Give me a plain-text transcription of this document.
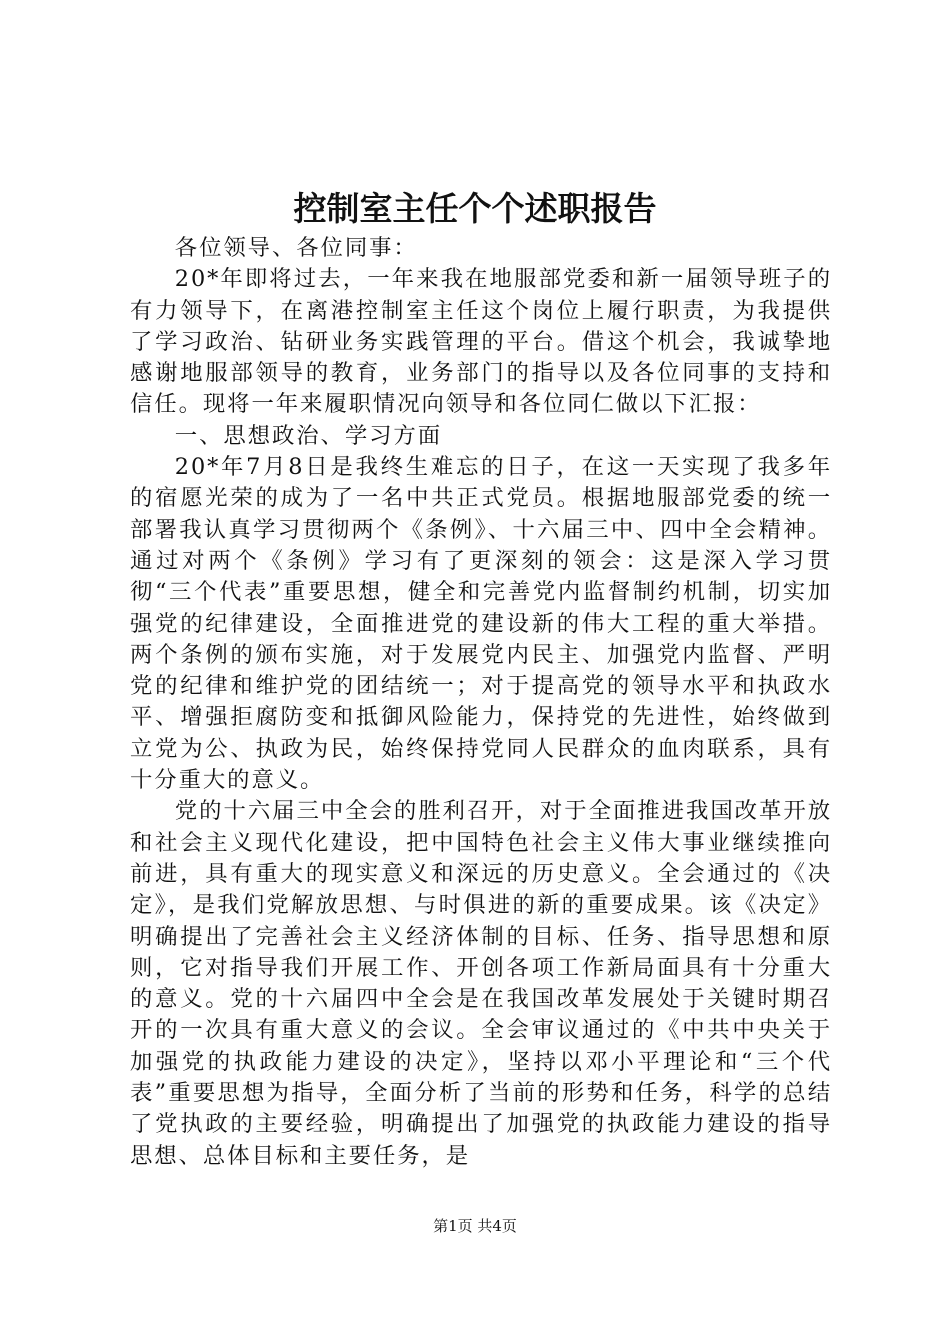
控制室主任个个述职报告

各位领导、各位同事：

20*年即将过去，一年来我在地服部党委和新一届领导班子的有力领导下，在离港控制室主任这个岗位上履行职责，为我提供了学习政治、钻研业务实践管理的平台。借这个机会，我诚挚地感谢地服部领导的教育，业务部门的指导以及各位同事的支持和信任。现将一年来履职情况向领导和各位同仁做以下汇报：

一、思想政治、学习方面

20*年7月8日是我终生难忘的日子，在这一天实现了我多年的宿愿光荣的成为了一名中共正式党员。根据地服部党委的统一部署我认真学习贯彻两个《条例》、十六届三中、四中全会精神。通过对两个《条例》学习有了更深刻的领会：这是深入学习贯彻“三个代表”重要思想，健全和完善党内监督制约机制，切实加强党的纪律建设，全面推进党的建设新的伟大工程的重大举措。两个条例的颁布实施，对于发展党内民主、加强党内监督、严明党的纪律和维护党的团结统一；对于提高党的领导水平和执政水平、增强拒腐防变和抵御风险能力，保持党的先进性，始终做到立党为公、执政为民，始终保持党同人民群众的血肉联系，具有十分重大的意义。

党的十六届三中全会的胜利召开，对于全面推进我国改革开放和社会主义现代化建设，把中国特色社会主义伟大事业继续推向前进，具有重大的现实意义和深远的历史意义。全会通过的《决定》，是我们党解放思想、与时俱进的新的重要成果。该《决定》明确提出了完善社会主义经济体制的目标、任务、指导思想和原则，它对指导我们开展工作、开创各项工作新局面具有十分重大的意义。党的十六届四中全会是在我国改革发展处于关键时期召开的一次具有重大意义的会议。全会审议通过的《中共中央关于加强党的执政能力建设的决定》，坚持以邓小平理论和“三个代表”重要思想为指导，全面分析了当前的形势和任务，科学的总结了党执政的主要经验，明确提出了加强党的执政能力建设的指导思想、总体目标和主要任务，是

第1页 共4页
